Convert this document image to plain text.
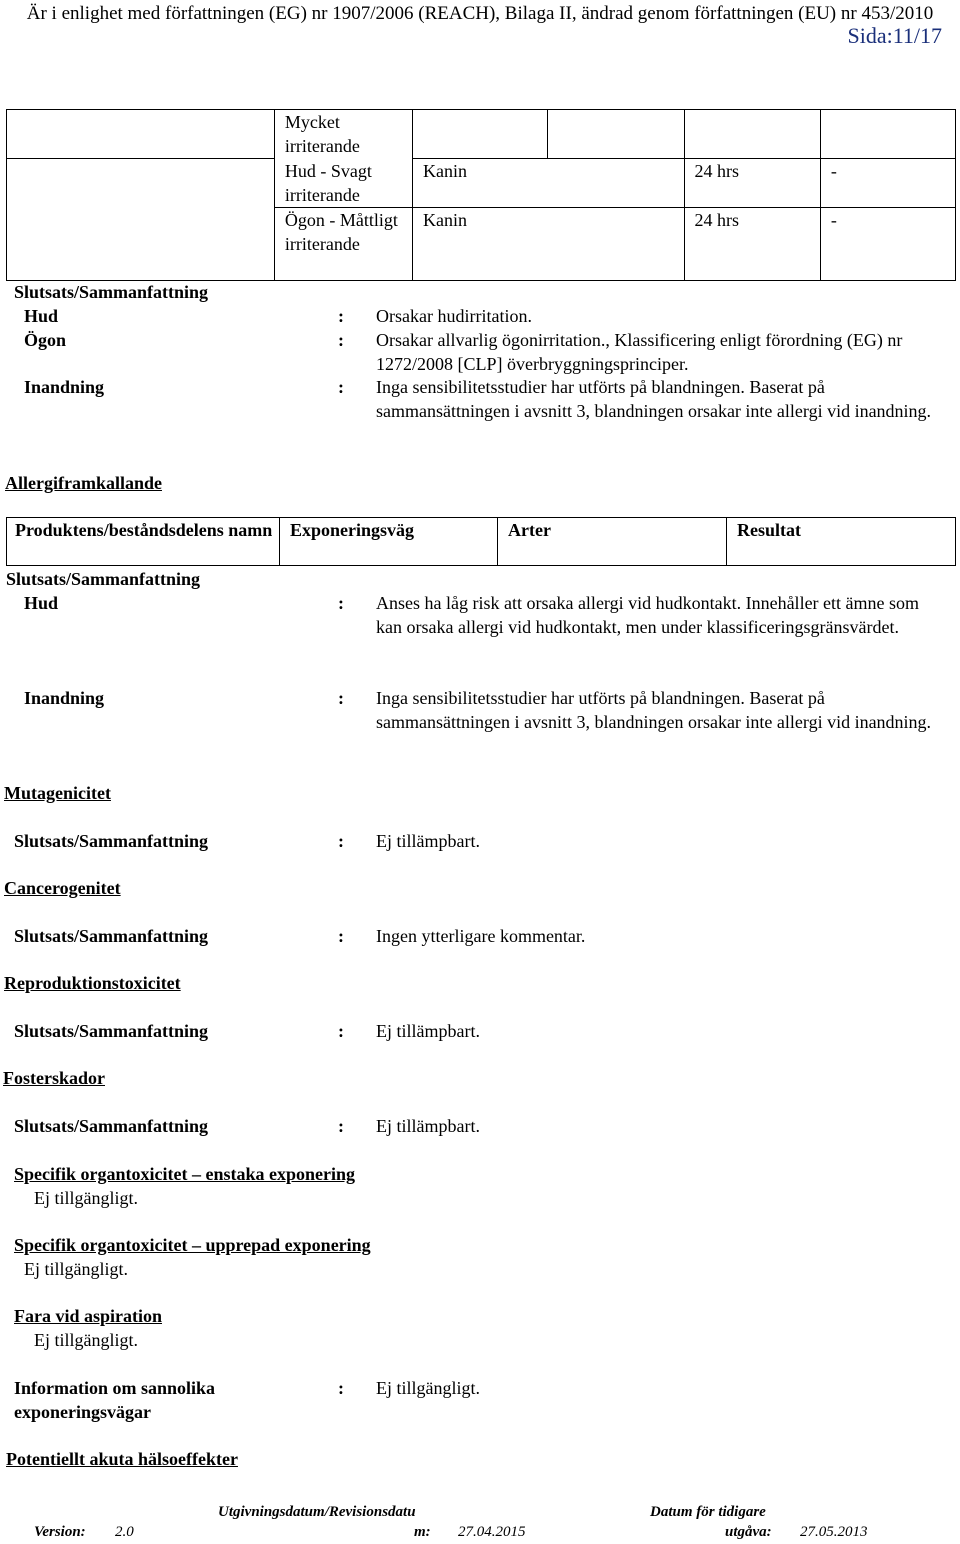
Är i enlighet med författningen (EG) nr 1907/2006 (REACH), Bilaga II, ändrad genom författningen (EU) nr 453/2010
Sida:11/17
	Mycket irriterande				
	Hud - Svagt irriterande	Kanin		24 hrs	-
	Ögon - Måttligt irriterande	Kanin		24 hrs	-
Slutsats/Sammanfattning
Hud	: Orsakar hudirritation.
Ögon	: Orsakar allvarlig ögonirritation., Klassificering enligt förordning (EG) nr 1272/2008 [CLP] överbryggningsprinciper.
Inandning	: Inga sensibilitetsstudier har utförts på blandningen. Baserat på sammansättningen i avsnitt 3, blandningen orsakar inte allergi vid inandning.
Allergiframkallande
Produktens/beståndsdelens namn	Exponeringsväg	Arter	Resultat
Slutsats/Sammanfattning
Hud	: Anses ha låg risk att orsaka allergi vid hudkontakt. Innehåller ett ämne som kan orsaka allergi vid hudkontakt, men under klassificeringsgränsvärdet.
Inandning	: Inga sensibilitetsstudier har utförts på blandningen. Baserat på sammansättningen i avsnitt 3, blandningen orsakar inte allergi vid inandning.
Mutagenicitet
Slutsats/Sammanfattning	: Ej tillämpbart.
Cancerogenitet
Slutsats/Sammanfattning	: Ingen ytterligare kommentar.
Reproduktionstoxicitet
Slutsats/Sammanfattning	: Ej tillämpbart.
Fosterskador
Slutsats/Sammanfattning	: Ej tillämpbart.
Specifik organtoxicitet – enstaka exponering
Ej tillgängligt.
Specifik organtoxicitet – upprepad exponering
Ej tillgängligt.
Fara vid aspiration
Ej tillgängligt.
Information om sannolika exponeringsvägar
: Ej tillgängligt.
Potentiellt akuta hälsoeffekter
Version: 2.0
Utgivningsdatum/Revisionsdatu
m: 27.04.2015
Datum för tidigare
utgåva: 27.05.2013
